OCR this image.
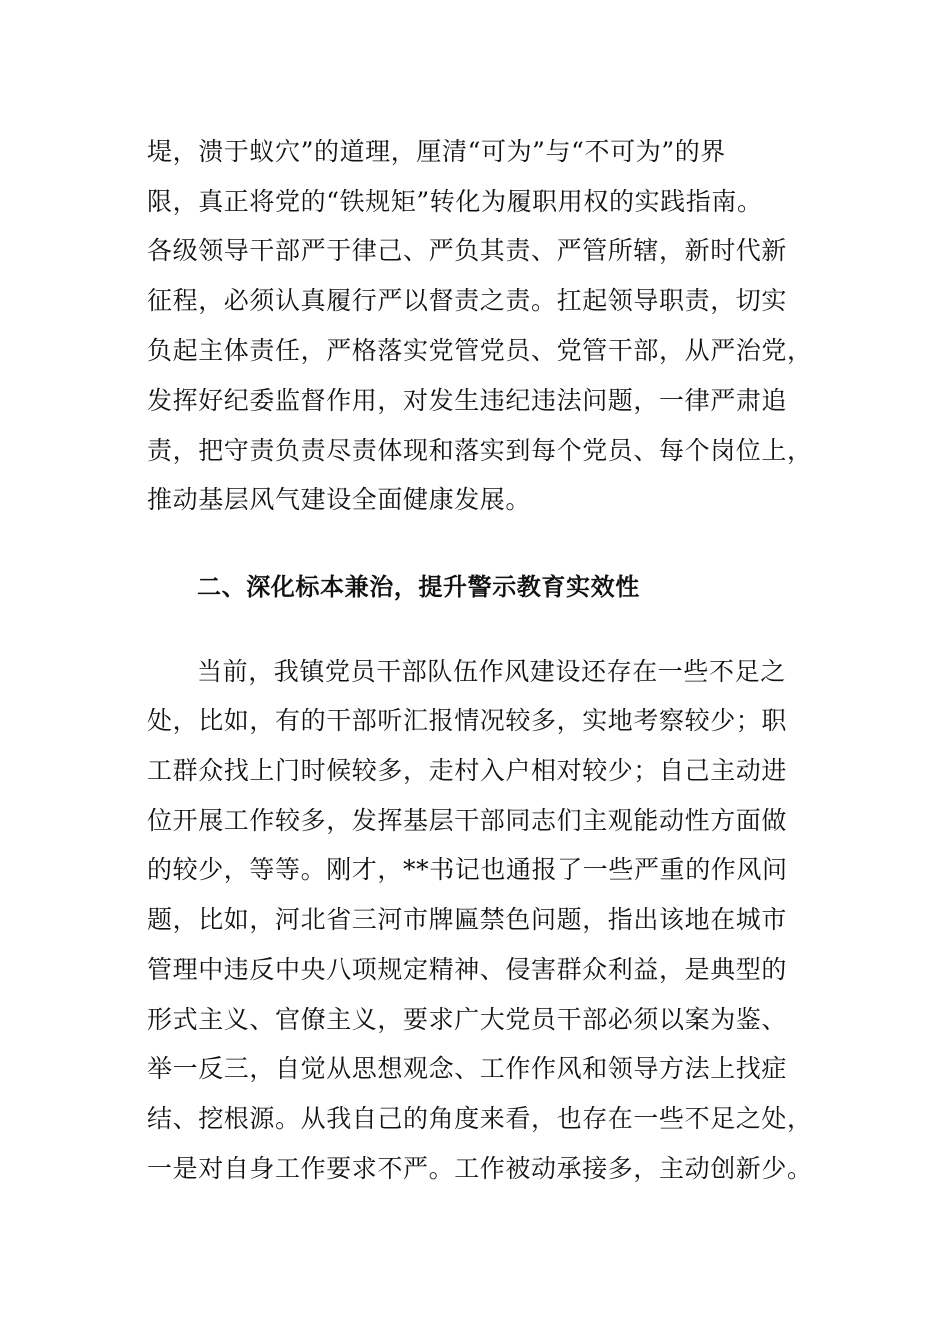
堤，溃于蚁穴”的道理，厘清“可为”与“不可为”的界
限，真正将党的“铁规矩”转化为履职用权的实践指南。
各级领导干部严于律己、严负其责、严管所辖，新时代新
征程，必须认真履行严以督责之责。扛起领导职责，切实
负起主体责任，严格落实党管党员、党管干部，从严治党，
发挥好纪委监督作用，对发生违纪违法问题，一律严肃追
责，把守责负责尽责体现和落实到每个党员、每个岗位上，
推动基层风气建设全面健康发展。
二、深化标本兼治，提升警示教育实效性
当前，我镇党员干部队伍作风建设还存在一些不足之
处，比如，有的干部听汇报情况较多，实地考察较少；职
工群众找上门时候较多，走村入户相对较少；自己主动进
位开展工作较多，发挥基层干部同志们主观能动性方面做
的较少，等等。刚才，**书记也通报了一些严重的作风问
题，比如，河北省三河市牌匾禁色问题，指出该地在城市
管理中违反中央八项规定精神、侵害群众利益，是典型的
形式主义、官僚主义，要求广大党员干部必须以案为鉴、
举一反三，自觉从思想观念、工作作风和领导方法上找症
结、挖根源。从我自己的角度来看，也存在一些不足之处，
一是对自身工作要求不严。工作被动承接多，主动创新少。
